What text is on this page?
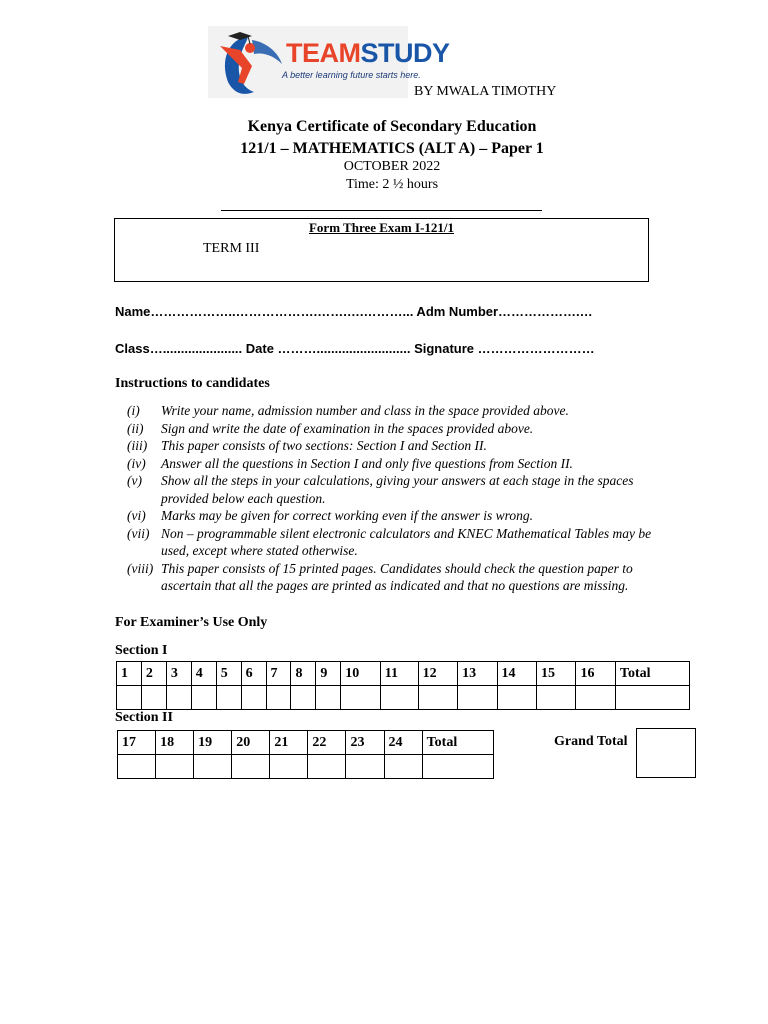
TEAMSTUDY
A better learning future starts here.
BY MWALA TIMOTHY
Kenya Certificate of Secondary Education
121/1 – MATHEMATICS (ALT A) – Paper 1
OCTOBER 2022
Time: 2 ½ hours
Form Three Exam I-121/1
TERM III
Name………………..……………….…….….………... Adm Number……………….…
Class…...................... Date ……….......................... Signature ………………………
Instructions to candidates
(i) Write your name, admission number and class in the space provided above.
(ii) Sign and write the date of examination in the spaces provided above.
(iii) This paper consists of two sections: Section I and Section II.
(iv) Answer all the questions in Section I and only five questions from Section II.
(v) Show all the steps in your calculations, giving your answers at each stage in the spaces provided below each question.
(vi) Marks may be given for correct working even if the answer is wrong.
(vii) Non – programmable silent electronic calculators and KNEC Mathematical Tables may be used, except where stated otherwise.
(viii) This paper consists of 15 printed pages. Candidates should check the question paper to ascertain that all the pages are printed as indicated and that no questions are missing.
For Examiner’s Use Only
Section I
1	2	3	4	5	6	7	8	9	10	11	12	13	14	15	16	Total

Section II
17	18	19	20	21	22	23	24	Total
									Grand Total
